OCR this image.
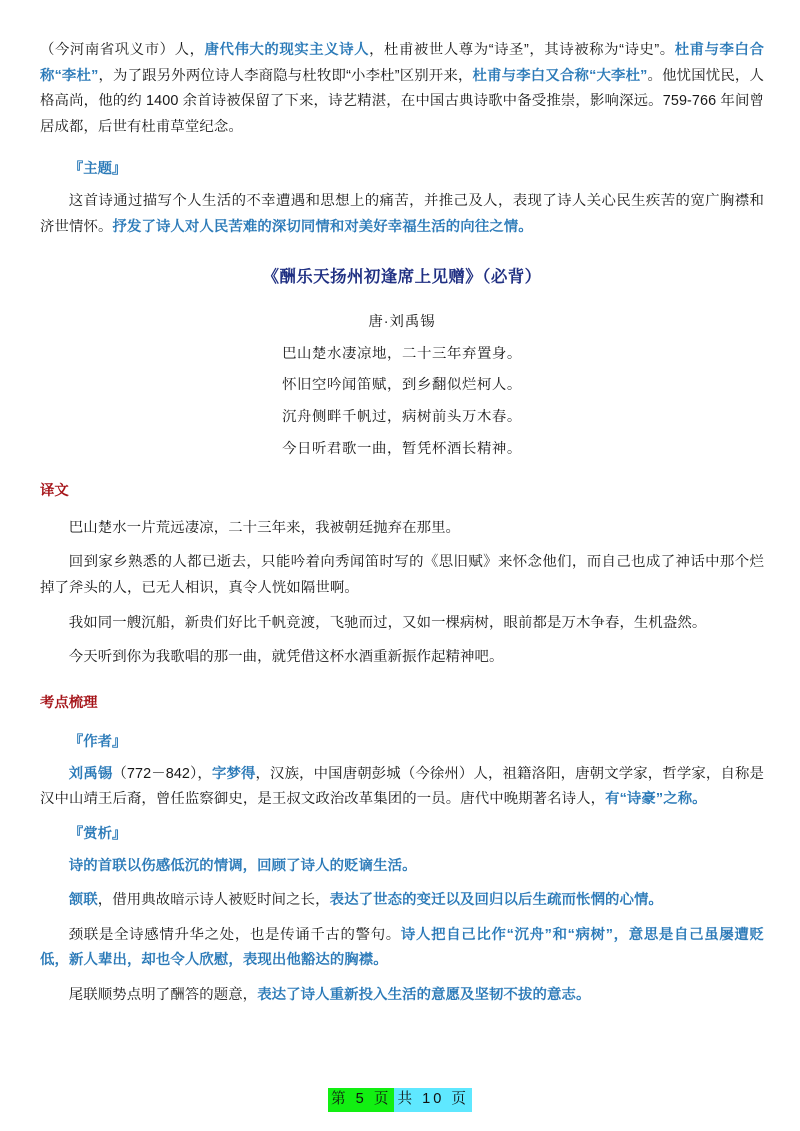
（今河南省巩义市）人，唐代伟大的现实主义诗人，杜甫被世人尊为“诗圣”，其诗被称为“诗史”。杜甫与李白合称“李杜”，为了跟另外两位诗人李商隐与杜牧即“小李杜”区别开来，杜甫与李白又合称“大李杜”。他忧国忧民，人格高尚，他的约 1400 余首诗被保留了下来，诗艺精湛，在中国古典诗歌中备受推崇，影响深远。759-766 年间曾居成都，后世有杜甫草堂纪念。

『主题』

这首诗通过描写个人生活的不幸遭遇和思想上的痛苦，并推己及人，表现了诗人关心民生疾苦的宽广胸襟和济世情怀。抒发了诗人对人民苦难的深切同情和对美好幸福生活的向往之情。

《酬乐天扬州初逢席上见赠》（必背）

唐·刘禹锡

巴山楚水凄凉地，二十三年弃置身。

怀旧空吟闻笛赋，到乡翻似烂柯人。

沉舟侧畔千帆过，病树前头万木春。

今日听君歌一曲，暂凭杯酒长精神。

译文

巴山楚水一片荒远凄凉，二十三年来，我被朝廷抛弃在那里。

回到家乡熟悉的人都已逝去，只能吟着向秀闻笛时写的《思旧赋》来怀念他们，而自己也成了神话中那个烂掉了斧头的人，已无人相识，真令人恍如隔世啊。

我如同一艘沉船，新贵们好比千帆竞渡，飞驰而过，又如一棵病树，眼前都是万木争春，生机盎然。

今天听到你为我歌唱的那一曲，就凭借这杯水酒重新振作起精神吧。

考点梳理

『作者』

刘禹锡（772－842），字梦得，汉族，中国唐朝彭城（今徐州）人，祖籍洛阳，唐朝文学家，哲学家，自称是汉中山靖王后裔，曾任监察御史，是王叔文政治改革集团的一员。唐代中晚期著名诗人，有“诗豪”之称。

『赏析』

诗的首联以伤感低沉的情调，回顾了诗人的贬谪生活。

颔联，借用典故暗示诗人被贬时间之长，表达了世态的变迁以及回归以后生疏而怅惘的心情。

颈联是全诗感情升华之处，也是传诵千古的警句。诗人把自己比作“沉舟”和“病树”，意思是自己虽屡遭贬低，新人辈出，却也令人欣慰，表现出他豁达的胸襟。

尾联顺势点明了酬答的题意，表达了诗人重新投入生活的意愿及坚韧不拔的意志。

第 5 页 共 10 页
